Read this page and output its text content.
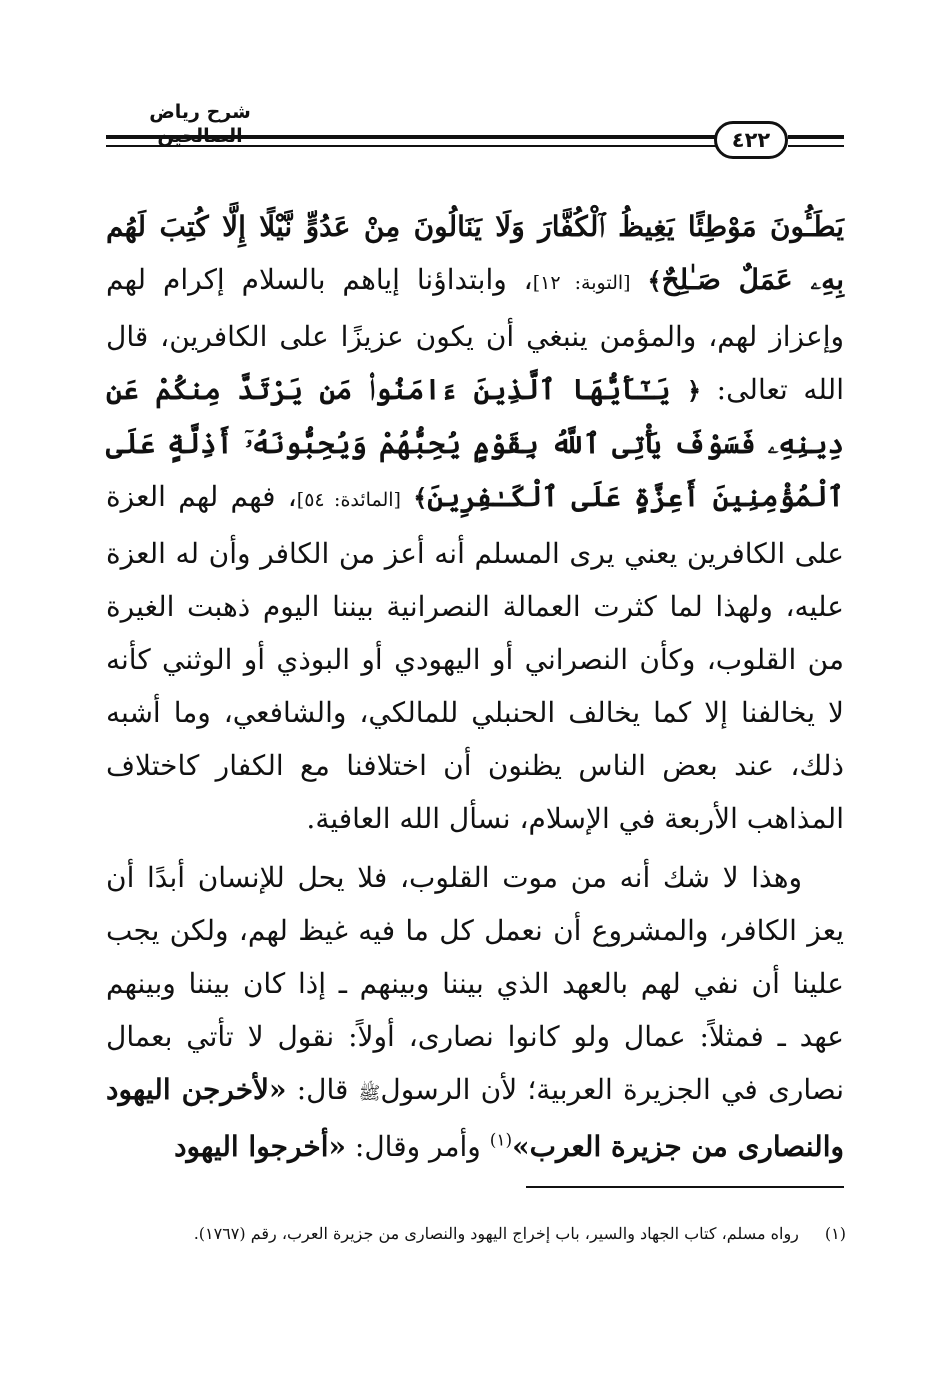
شرح رياض
٤٢٢

يَطَـُٔونَ مَوْطِئًا يَغِيظُ ٱلْكُفَّارَ وَلَا يَنَالُونَ مِنْ عَدُوٍّ نَّيْلًا إِلَّا كُتِبَ لَهُم بِهِۦ عَمَلٌ صَـٰلِحٌ﴾ [التوبة: ١٢]، وابتداؤنا إياهم بالسلام إكرام لهم وإعزاز لهم، والمؤمن ينبغي أن يكون عزيزًا على الكافرين، قال الله تعالى: ﴿ يَـٰٓأَيُّهَا ٱلَّذِينَ ءَامَنُوا۟ مَن يَرْتَدَّ مِنكُمْ عَن دِينِهِۦ فَسَوْفَ يَأْتِى ٱللَّهُ بِقَوْمٍ يُحِبُّهُمْ وَيُحِبُّونَهُۥٓ أَذِلَّةٍ عَلَى ٱلْمُؤْمِنِينَ أَعِزَّةٍ عَلَى ٱلْكَـٰفِرِينَ﴾ [المائدة: ٥٤]، فهم لهم العزة على الكافرين يعني يرى المسلم أنه أعز من الكافر وأن له العزة عليه، ولهذا لما كثرت العمالة النصرانية بيننا اليوم ذهبت الغيرة من القلوب، وكأن النصراني أو اليهودي أو البوذي أو الوثني كأنه لا يخالفنا إلا كما يخالف الحنبلي للمالكي، والشافعي، وما أشبه ذلك، عند بعض الناس يظنون أن اختلافنا مع الكفار كاختلاف المذاهب الأربعة في الإسلام، نسأل الله العافية.

وهذا لا شك أنه من موت القلوب، فلا يحل للإنسان أبدًا أن يعز الكافر، والمشروع أن نعمل كل ما فيه غيظ لهم، ولكن يجب علينا أن نفي لهم بالعهد الذي بيننا وبينهم ـ إذا كان بيننا وبينهم عهد ـ فمثلاً: عمال ولو كانوا نصارى، أولاً: نقول لا تأتي بعمال نصارى في الجزيرة العربية؛ لأن الرسولﷺ قال: «لأخرجن اليهود والنصارى من جزيرة العرب»$^{(١)}$ وأمر وقال: «أخرجوا اليهود

(١)رواه مسلم، كتاب الجهاد والسير، باب إخراج اليهود والنصارى من جزيرة العرب، رقم (١٧٦٧).
